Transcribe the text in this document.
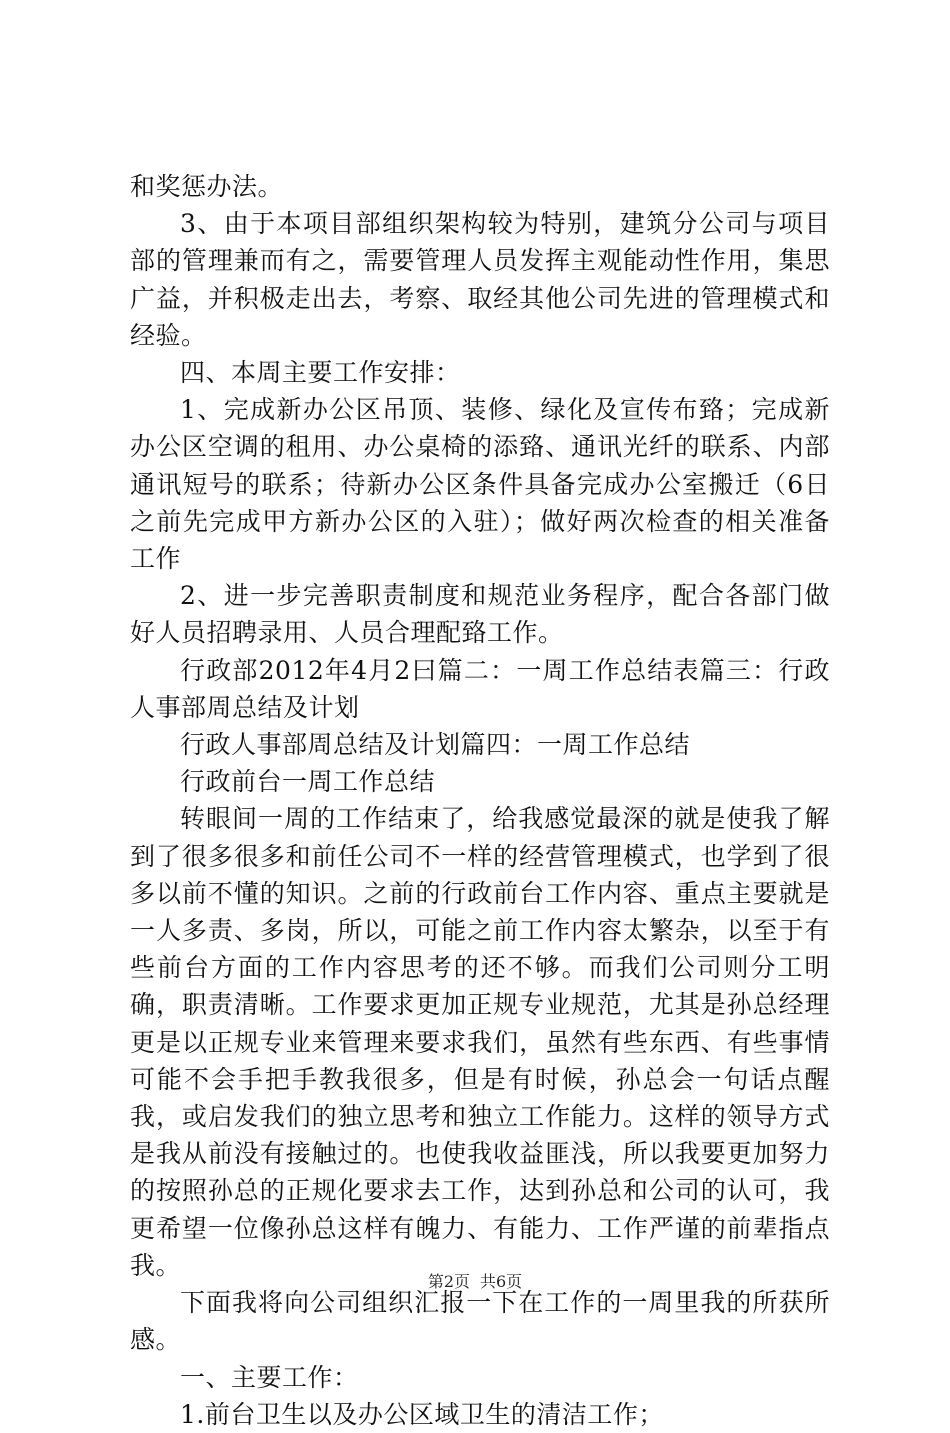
和奖惩办法。

3、由于本项目部组织架构较为特别，建筑分公司与项目部的管理兼而有之，需要管理人员发挥主观能动性作用，集思广益，并积极走出去，考察、取经其他公司先进的管理模式和经验。

四、本周主要工作安排：

1、完成新办公区吊顶、装修、绿化及宣传布臵；完成新办公区空调的租用、办公桌椅的添臵、通讯光纤的联系、内部通讯短号的联系；待新办公区条件具备完成办公室搬迁（6日之前先完成甲方新办公区的入驻）；做好两次检查的相关准备工作

2、进一步完善职责制度和规范业务程序，配合各部门做好人员招聘录用、人员合理配臵工作。

行政部2012年4月2曰篇二：一周工作总结表篇三：行政人事部周总结及计划

行政人事部周总结及计划篇四：一周工作总结

行政前台一周工作总结

转眼间一周的工作结束了，给我感觉最深的就是使我了解到了很多很多和前任公司不一样的经营管理模式，也学到了很多以前不懂的知识。之前的行政前台工作内容、重点主要就是一人多责、多岗，所以，可能之前工作内容太繁杂，以至于有些前台方面的工作内容思考的还不够。而我们公司则分工明确，职责清晰。工作要求更加正规专业规范，尤其是孙总经理更是以正规专业来管理来要求我们，虽然有些东西、有些事情可能不会手把手教我很多，但是有时候，孙总会一句话点醒我，或启发我们的独立思考和独立工作能力。这样的领导方式是我从前没有接触过的。也使我收益匪浅，所以我要更加努力的按照孙总的正规化要求去工作，达到孙总和公司的认可，我更希望一位像孙总这样有魄力、有能力、工作严谨的前辈指点我。

下面我将向公司组织汇报一下在工作的一周里我的所获所感。

一、主要工作：

1.前台卫生以及办公区域卫生的清洁工作；

第2页 共6页
